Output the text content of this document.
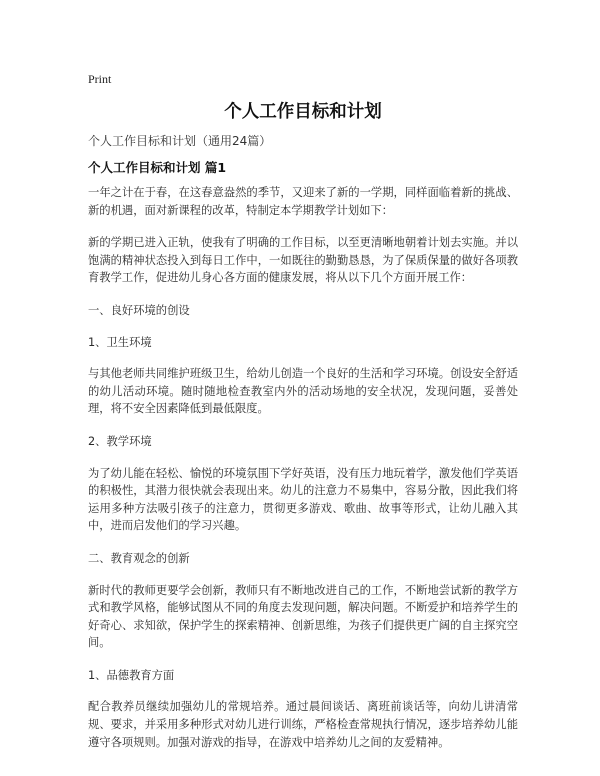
Print
个人工作目标和计划
个人工作目标和计划（通用24篇）
个人工作目标和计划 篇1

一年之计在于春，在这春意盎然的季节，又迎来了新的一学期，同样面临着新的挑战、新的机遇，面对新课程的改革，特制定本学期教学计划如下：

新的学期已进入正轨，使我有了明确的工作目标，以至更清晰地朝着计划去实施。并以饱满的精神状态投入到每日工作中，一如既往的勤勤恳恳，为了保质保量的做好各项教育教学工作，促进幼儿身心各方面的健康发展，将从以下几个方面开展工作：

一、良好环境的创设

1、卫生环境

与其他老师共同维护班级卫生，给幼儿创造一个良好的生活和学习环境。创设安全舒适的幼儿活动环境。随时随地检查教室内外的活动场地的安全状况，发现问题，妥善处理，将不安全因素降低到最低限度。

2、教学环境

为了幼儿能在轻松、愉悦的环境氛围下学好英语，没有压力地玩着学，激发他们学英语的积极性，其潜力很快就会表现出来。幼儿的注意力不易集中，容易分散，因此我们将运用多种方法吸引孩子的注意力，贯彻更多游戏、歌曲、故事等形式，让幼儿融入其中，进而启发他们的学习兴趣。

二、教育观念的创新

新时代的教师更要学会创新，教师只有不断地改进自己的工作，不断地尝试新的教学方式和教学风格，能够试图从不同的角度去发现问题，解决问题。不断爱护和培养学生的好奇心、求知欲，保护学生的探索精神、创新思维，为孩子们提供更广阔的自主探究空间。

1、品德教育方面

配合教养员继续加强幼儿的常规培养。通过晨间谈话、离班前谈话等，向幼儿讲清常规、要求，并采用多种形式对幼儿进行训练，严格检查常规执行情况，逐步培养幼儿能遵守各项规则。加强对游戏的指导，在游戏中培养幼儿之间的友爱精神。
